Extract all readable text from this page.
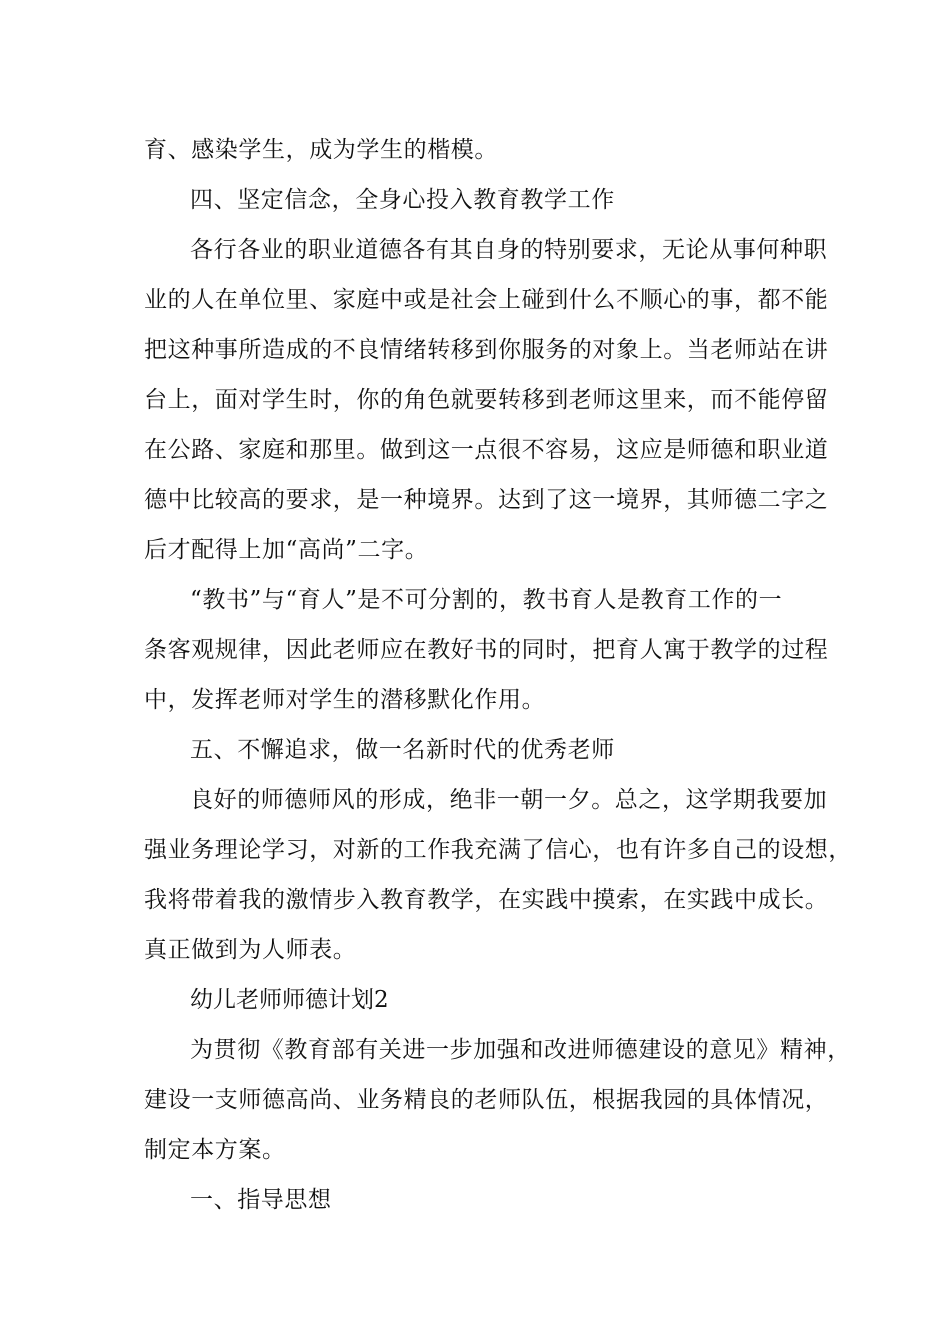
育、感染学生，成为学生的楷模。
四、坚定信念，全身心投入教育教学工作
各行各业的职业道德各有其自身的特别要求，无论从事何种职
业的人在单位里、家庭中或是社会上碰到什么不顺心的事，都不能
把这种事所造成的不良情绪转移到你服务的对象上。当老师站在讲
台上，面对学生时，你的角色就要转移到老师这里来，而不能停留
在公路、家庭和那里。做到这一点很不容易，这应是师德和职业道
德中比较高的要求，是一种境界。达到了这一境界，其师德二字之
后才配得上加“高尚”二字。
“教书”与“育人”是不可分割的，教书育人是教育工作的一
条客观规律，因此老师应在教好书的同时，把育人寓于教学的过程
中，发挥老师对学生的潜移默化作用。
五、不懈追求，做一名新时代的优秀老师
良好的师德师风的形成，绝非一朝一夕。总之，这学期我要加
强业务理论学习，对新的工作我充满了信心，也有许多自己的设想，
我将带着我的激情步入教育教学，在实践中摸索，在实践中成长。
真正做到为人师表。
幼儿老师师德计划2
为贯彻《教育部有关进一步加强和改进师德建设的意见》精神，
建设一支师德高尚、业务精良的老师队伍，根据我园的具体情况，
制定本方案。
一、指导思想
